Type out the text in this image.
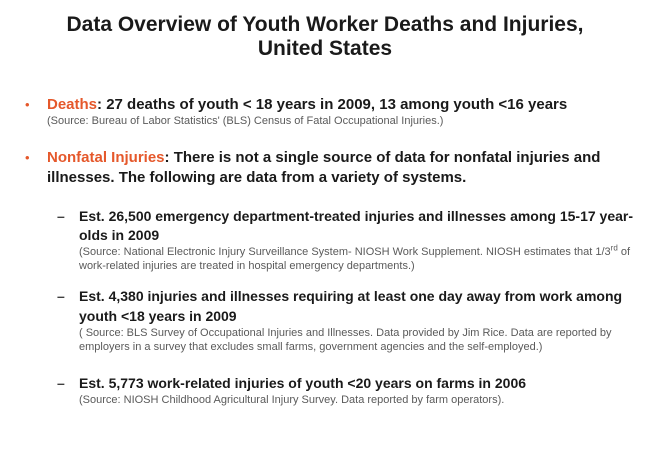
Data Overview of Youth Worker Deaths and Injuries,
United States
•	Deaths: 27 deaths of youth < 18 years in 2009, 13 among youth <16 years
(Source: Bureau of Labor Statistics' (BLS) Census of Fatal Occupational Injuries.)
•	Nonfatal Injuries: There is not a single source of data for nonfatal injuries and illnesses. The following are data from a variety of systems.
–	Est. 26,500 emergency department-treated injuries and illnesses among 15-17 year-olds in 2009
(Source: National Electronic Injury Surveillance System- NIOSH Work Supplement. NIOSH estimates that 1/3rd of work-related injuries are treated in hospital emergency departments.)
–	Est. 4,380 injuries and illnesses requiring at least one day away from work among youth <18 years in 2009
( Source: BLS Survey of Occupational Injuries and Illnesses. Data provided by Jim Rice. Data are reported by employers in a survey that excludes small farms, government agencies and the self-employed.)
–	Est. 5,773 work-related injuries of youth <20 years on farms in 2006
(Source: NIOSH Childhood Agricultural Injury Survey. Data reported by farm operators).
